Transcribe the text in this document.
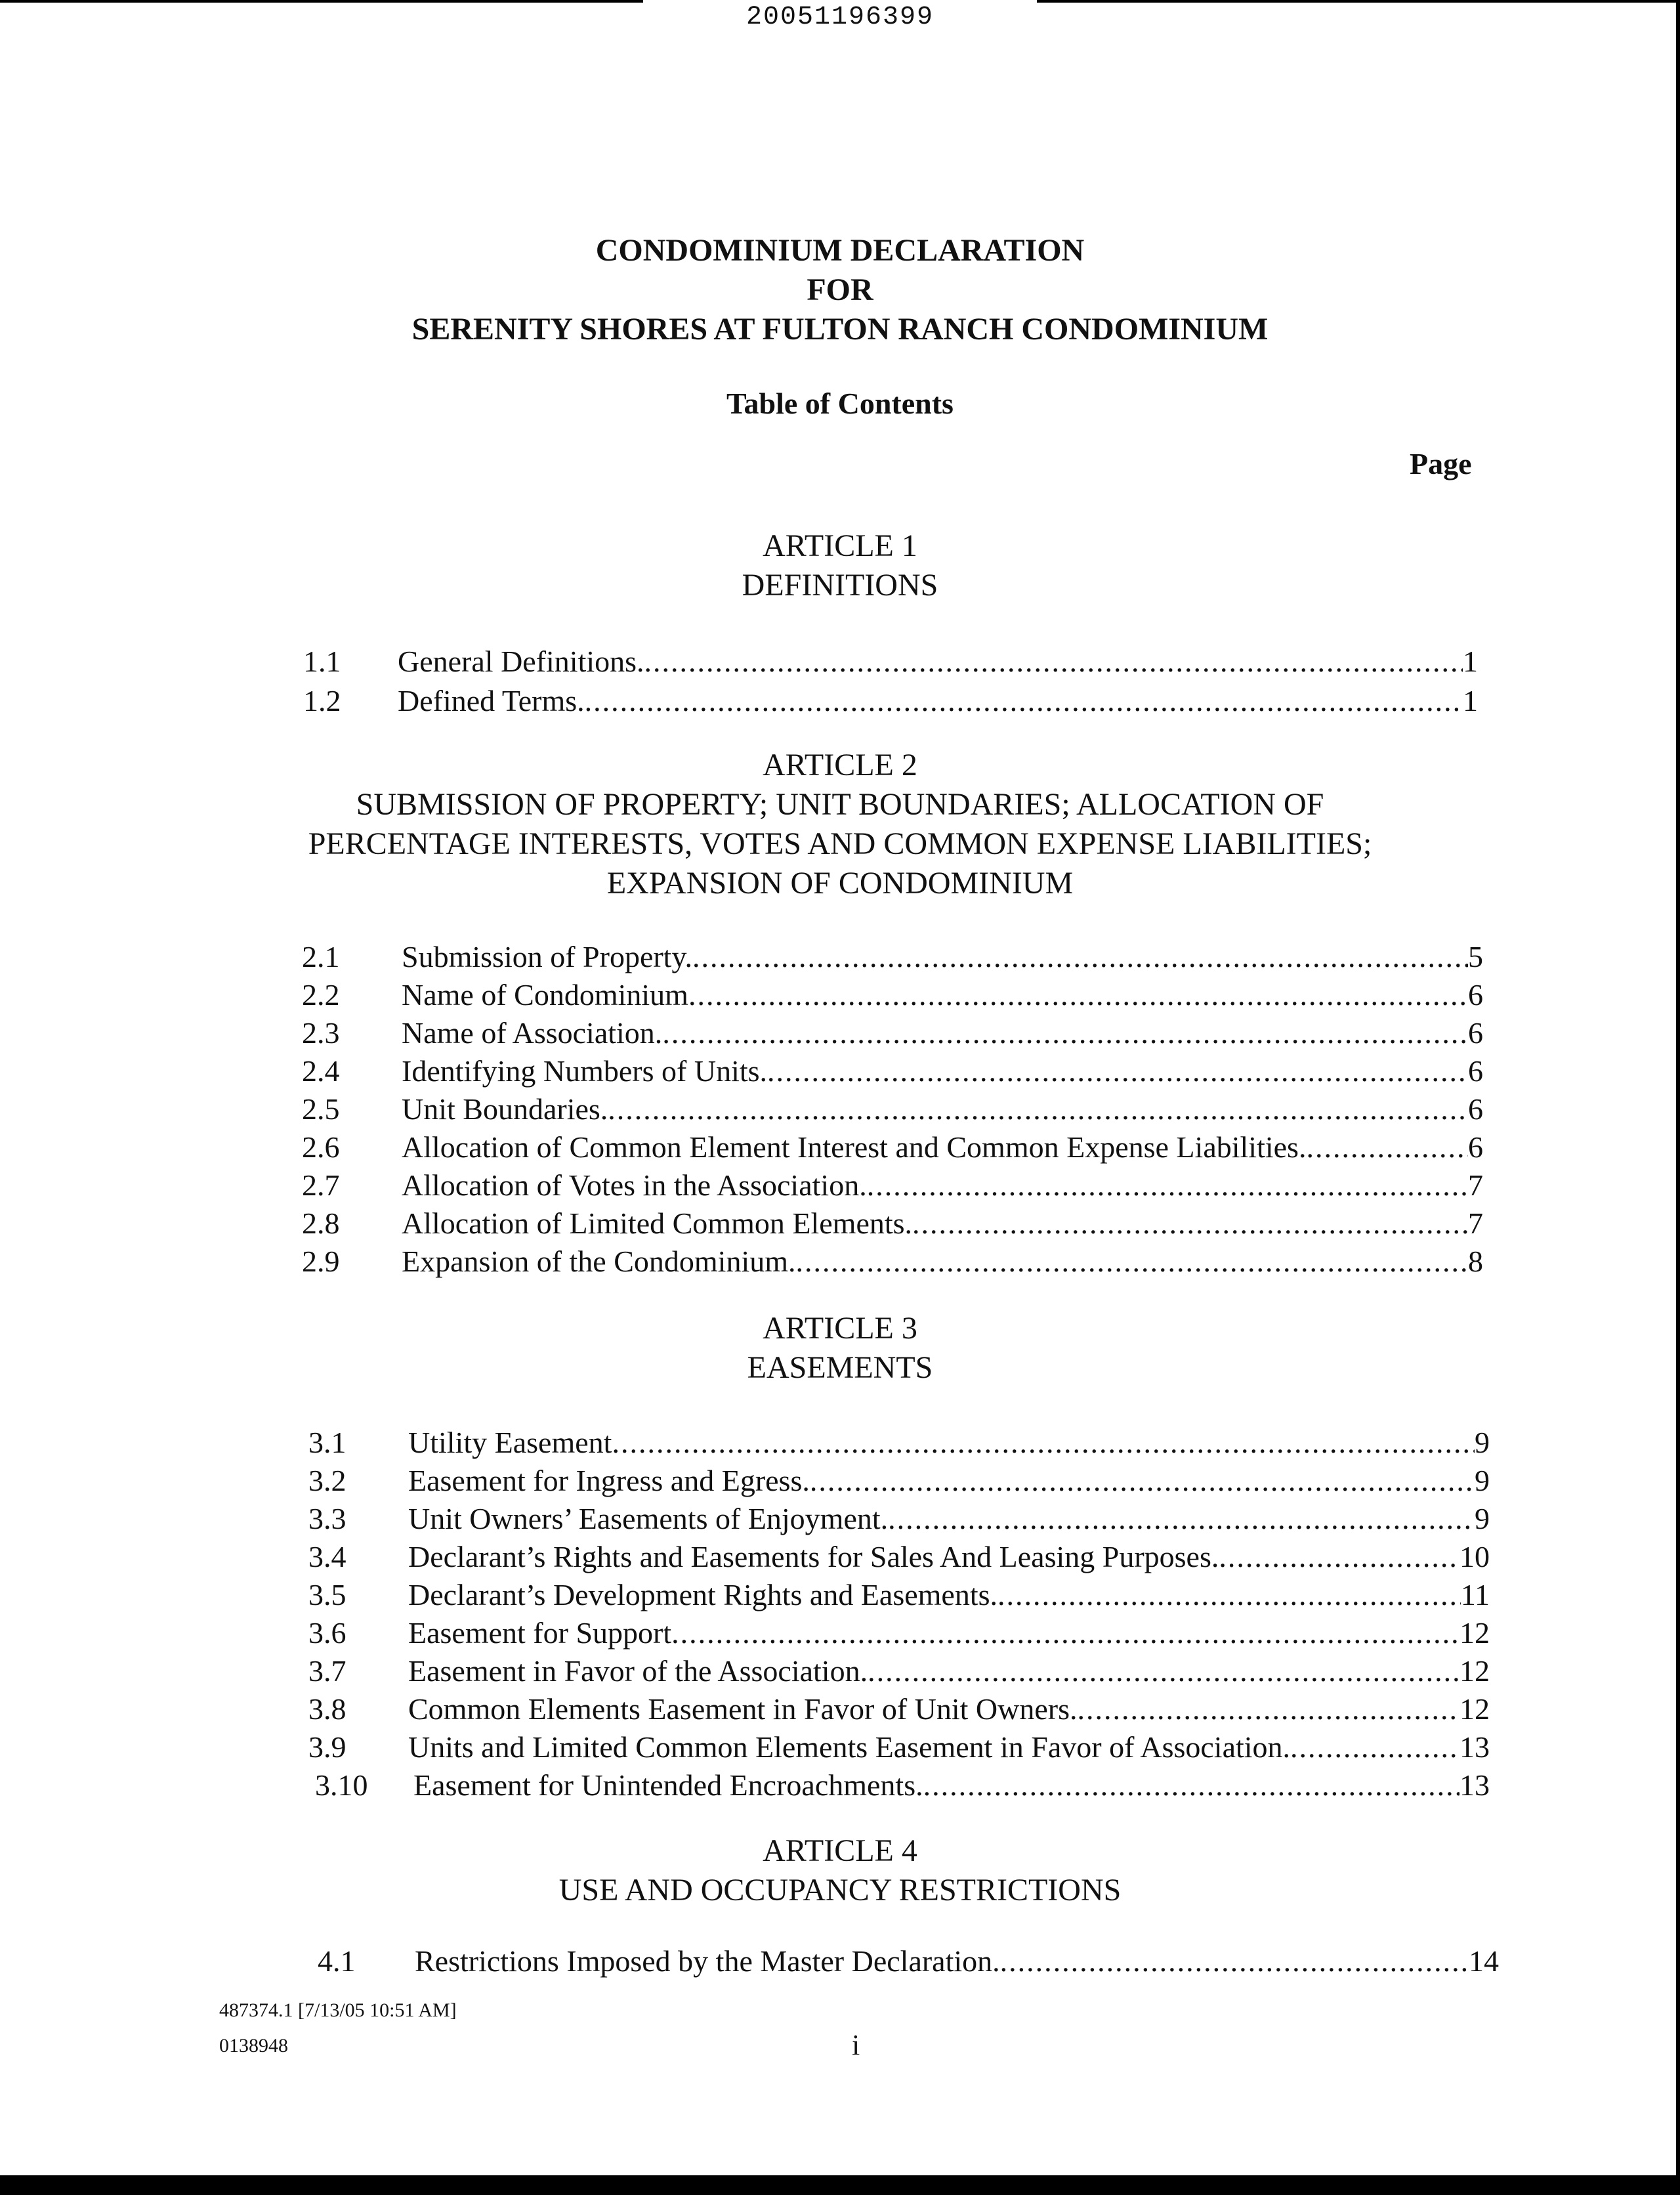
20051196399
CONDOMINIUM DECLARATION
FOR
SERENITY SHORES AT FULTON RANCH CONDOMINIUM
Table of Contents
Page
ARTICLE 1
DEFINITIONS
1.1 General Definitions. .....	1
1.2 Defined Terms. .....	1
ARTICLE 2
SUBMISSION OF PROPERTY; UNIT BOUNDARIES; ALLOCATION OF
PERCENTAGE INTERESTS, VOTES AND COMMON EXPENSE LIABILITIES;
EXPANSION OF CONDOMINIUM
2.1 Submission of Property. .....	5
2.2 Name of Condominium .....	6
2.3 Name of Association. .....	6
2.4 Identifying Numbers of Units. .....	6
2.5 Unit Boundaries. .....	6
2.6 Allocation of Common Element Interest and Common Expense Liabilities. .....	6
2.7 Allocation of Votes in the Association. .....	7
2.8 Allocation of Limited Common Elements. .....	7
2.9 Expansion of the Condominium. .....	8
ARTICLE 3
EASEMENTS
3.1 Utility Easement .....	9
3.2 Easement for Ingress and Egress. .....	9
3.3 Unit Owners’ Easements of Enjoyment. .....	9
3.4 Declarant’s Rights and Easements for Sales And Leasing Purposes. .....	10
3.5 Declarant’s Development Rights and Easements. .....	11
3.6 Easement for Support .....	12
3.7 Easement in Favor of the Association. .....	12
3.8 Common Elements Easement in Favor of Unit Owners. .....	12
3.9 Units and Limited Common Elements Easement in Favor of Association. .....	13
3.10 Easement for Unintended Encroachments. .....	13
ARTICLE 4
USE AND OCCUPANCY RESTRICTIONS
4.1 Restrictions Imposed by the Master Declaration. .....	14
487374.1 [7/13/05 10:51 AM]
0138948	i
